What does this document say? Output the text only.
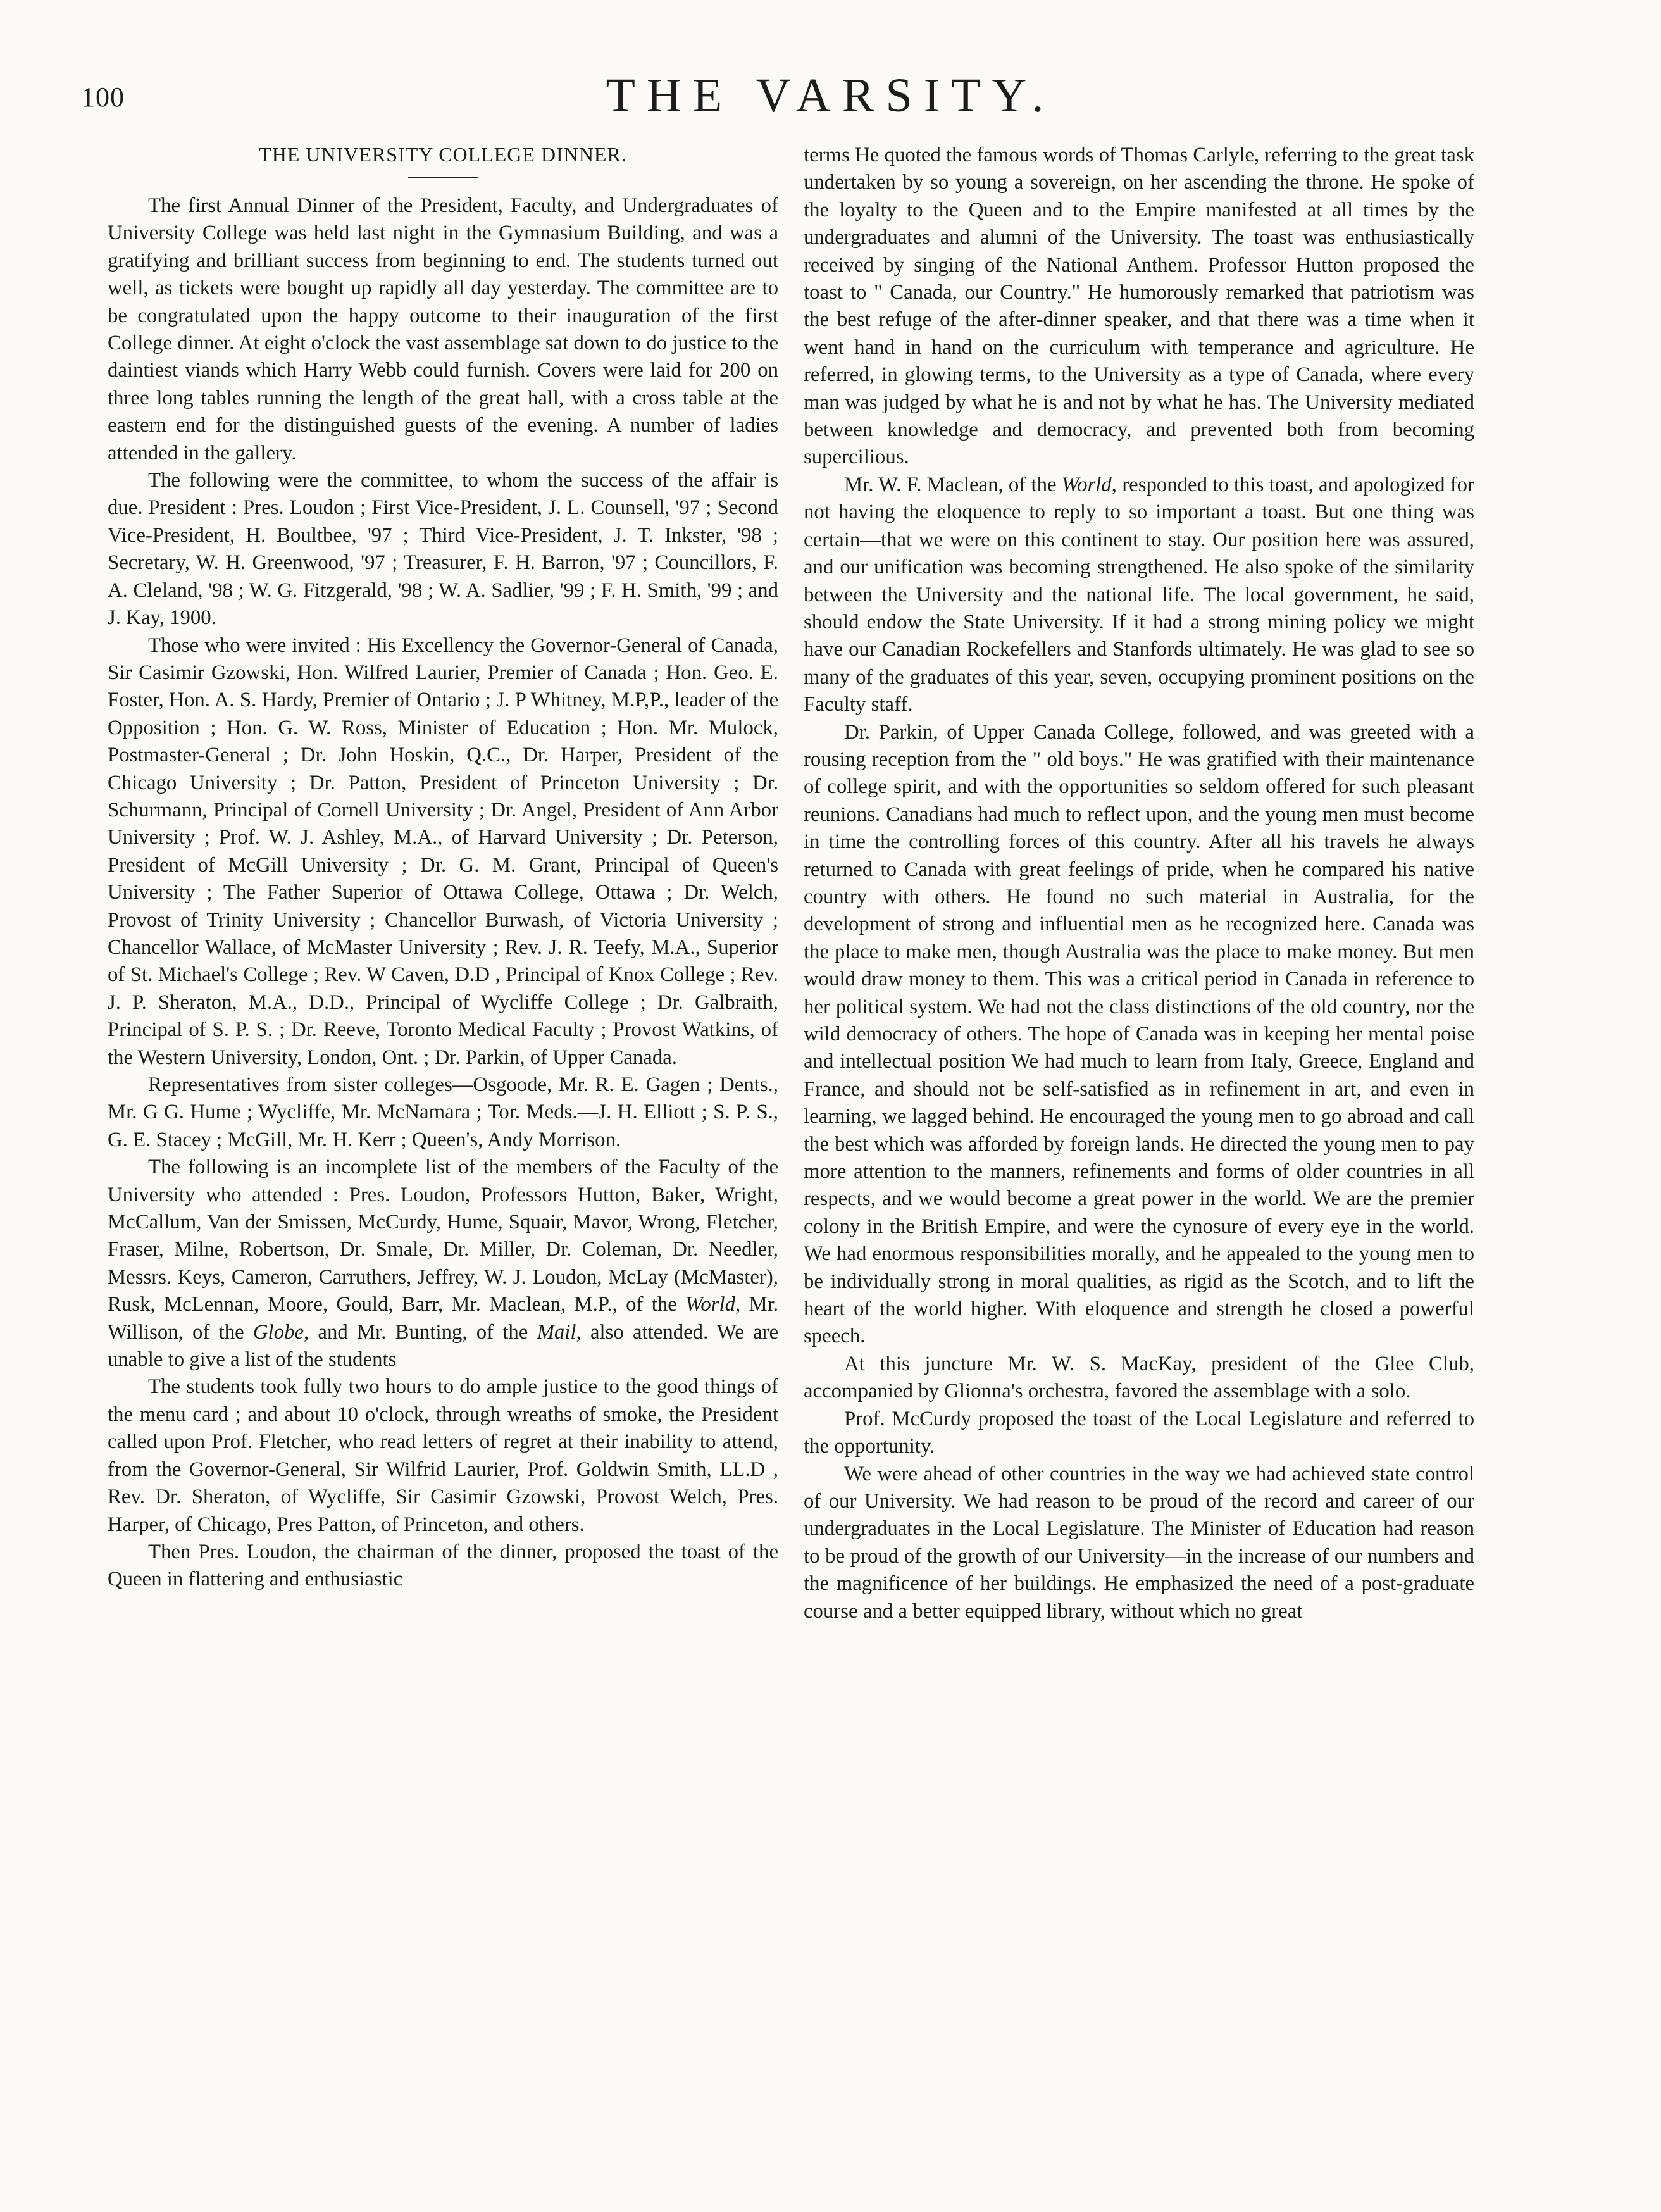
100	THE VARSITY.
THE UNIVERSITY COLLEGE DINNER.

The first Annual Dinner of the President, Faculty, and Undergraduates of University College was held last night in the Gymnasium Building, and was a gratifying and brilliant success from beginning to end. The students turned out well, as tickets were bought up rapidly all day yesterday. The committee are to be congratulated upon the happy outcome to their inauguration of the first College dinner. At eight o'clock the vast assemblage sat down to do justice to the daintiest viands which Harry Webb could furnish. Covers were laid for 200 on three long tables running the length of the great hall, with a cross table at the eastern end for the distinguished guests of the evening. A number of ladies attended in the gallery.

The following were the committee, to whom the success of the affair is due. President : Pres. Loudon ; First Vice-President, J. L. Counsell, '97 ; Second Vice-President, H. Boultbee, '97 ; Third Vice-President, J. T. Inkster, '98 ; Secretary, W. H. Greenwood, '97 ; Treasurer, F. H. Barron, '97 ; Councillors, F. A. Cleland, '98 ; W. G. Fitzgerald, '98 ; W. A. Sadlier, '99 ; F. H. Smith, '99 ; and J. Kay, 1900.

Those who were invited : His Excellency the Governor-General of Canada, Sir Casimir Gzowski, Hon. Wilfred Laurier, Premier of Canada ; Hon. Geo. E. Foster, Hon. A. S. Hardy, Premier of Ontario ; J. P Whitney, M.P,P., leader of the Opposition ; Hon. G. W. Ross, Minister of Education ; Hon. Mr. Mulock, Postmaster-General ; Dr. John Hoskin, Q.C., Dr. Harper, President of the Chicago University ; Dr. Patton, President of Princeton University ; Dr. Schurmann, Principal of Cornell University ; Dr. Angel, President of Ann Arbor University ; Prof. W. J. Ashley, M.A., of Harvard University ; Dr. Peterson, President of McGill University ; Dr. G. M. Grant, Principal of Queen's University ; The Father Superior of Ottawa College, Ottawa ; Dr. Welch, Provost of Trinity University ; Chancellor Burwash, of Victoria University ; Chancellor Wallace, of McMaster University ; Rev. J. R. Teefy, M.A., Superior of St. Michael's College ; Rev. W Caven, D.D , Principal of Knox College ; Rev. J. P. Sheraton, M.A., D.D., Principal of Wycliffe College ; Dr. Galbraith, Principal of S. P. S. ; Dr. Reeve, Toronto Medical Faculty ; Provost Watkins, of the Western University, London, Ont. ; Dr. Parkin, of Upper Canada.

Representatives from sister colleges—Osgoode, Mr. R. E. Gagen ; Dents., Mr. G G. Hume ; Wycliffe, Mr. McNamara ; Tor. Meds.—J. H. Elliott ; S. P. S., G. E. Stacey ; McGill, Mr. H. Kerr ; Queen's, Andy Morrison.

The following is an incomplete list of the members of the Faculty of the University who attended : Pres. Loudon, Professors Hutton, Baker, Wright, McCallum, Van der Smissen, McCurdy, Hume, Squair, Mavor, Wrong, Fletcher, Fraser, Milne, Robertson, Dr. Smale, Dr. Miller, Dr. Coleman, Dr. Needler, Messrs. Keys, Cameron, Carruthers, Jeffrey, W. J. Loudon, McLay (McMaster), Rusk, McLennan, Moore, Gould, Barr, Mr. Maclean, M.P., of the World, Mr. Willison, of the Globe, and Mr. Bunting, of the Mail, also attended. We are unable to give a list of the students

The students took fully two hours to do ample justice to the good things of the menu card ; and about 10 o'clock, through wreaths of smoke, the President called upon Prof. Fletcher, who read letters of regret at their inability to attend, from the Governor-General, Sir Wilfrid Laurier, Prof. Goldwin Smith, LL.D , Rev. Dr. Sheraton, of Wycliffe, Sir Casimir Gzowski, Provost Welch, Pres. Harper, of Chicago, Pres Patton, of Princeton, and others.

Then Pres. Loudon, the chairman of the dinner, proposed the toast of the Queen in flattering and enthusiastic

terms He quoted the famous words of Thomas Carlyle, referring to the great task undertaken by so young a sovereign, on her ascending the throne. He spoke of the loyalty to the Queen and to the Empire manifested at all times by the undergraduates and alumni of the University. The toast was enthusiastically received by singing of the National Anthem. Professor Hutton proposed the toast to " Canada, our Country." He humorously remarked that patriotism was the best refuge of the after-dinner speaker, and that there was a time when it went hand in hand on the curriculum with temperance and agriculture. He referred, in glowing terms, to the University as a type of Canada, where every man was judged by what he is and not by what he has. The University mediated between knowledge and democracy, and prevented both from becoming supercilious.

Mr. W. F. Maclean, of the World, responded to this toast, and apologized for not having the eloquence to reply to so important a toast. But one thing was certain—that we were on this continent to stay. Our position here was assured, and our unification was becoming strengthened. He also spoke of the similarity between the University and the national life. The local government, he said, should endow the State University. If it had a strong mining policy we might have our Canadian Rockefellers and Stanfords ultimately. He was glad to see so many of the graduates of this year, seven, occupying prominent positions on the Faculty staff.

Dr. Parkin, of Upper Canada College, followed, and was greeted with a rousing reception from the " old boys." He was gratified with their maintenance of college spirit, and with the opportunities so seldom offered for such pleasant reunions. Canadians had much to reflect upon, and the young men must become in time the controlling forces of this country. After all his travels he always returned to Canada with great feelings of pride, when he compared his native country with others. He found no such material in Australia, for the development of strong and influential men as he recognized here. Canada was the place to make men, though Australia was the place to make money. But men would draw money to them. This was a critical period in Canada in reference to her political system. We had not the class distinctions of the old country, nor the wild democracy of others. The hope of Canada was in keeping her mental poise and intellectual position We had much to learn from Italy, Greece, England and France, and should not be self-satisfied as in refinement in art, and even in learning, we lagged behind. He encouraged the young men to go abroad and call the best which was afforded by foreign lands. He directed the young men to pay more attention to the manners, refinements and forms of older countries in all respects, and we would become a great power in the world. We are the premier colony in the British Empire, and were the cynosure of every eye in the world. We had enormous responsibilities morally, and he appealed to the young men to be individually strong in moral qualities, as rigid as the Scotch, and to lift the heart of the world higher. With eloquence and strength he closed a powerful speech.

At this juncture Mr. W. S. MacKay, president of the Glee Club, accompanied by Glionna's orchestra, favored the assemblage with a solo.

Prof. McCurdy proposed the toast of the Local Legislature and referred to the opportunity.

We were ahead of other countries in the way we had achieved state control of our University. We had reason to be proud of the record and career of our undergraduates in the Local Legislature. The Minister of Education had reason to be proud of the growth of our University—in the increase of our numbers and the magnificence of her buildings. He emphasized the need of a post-graduate course and a better equipped library, without which no great
